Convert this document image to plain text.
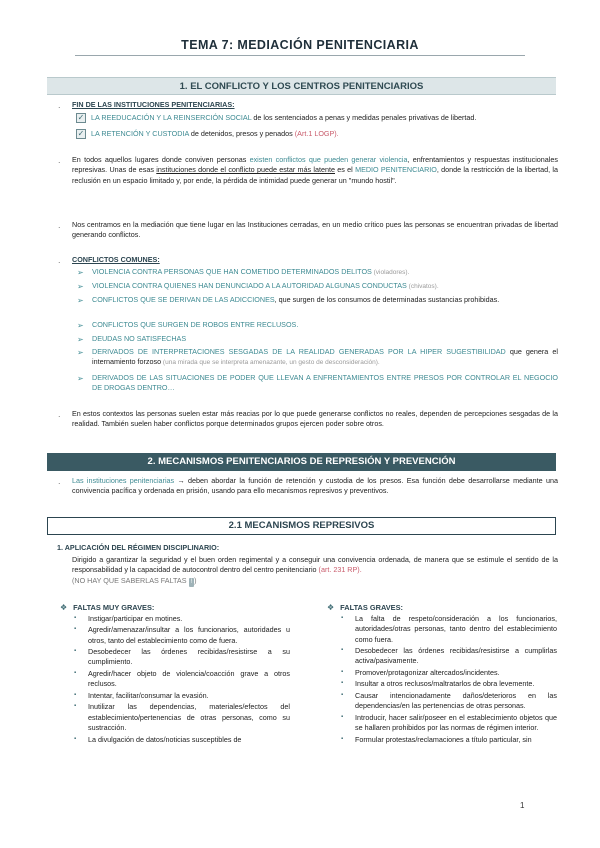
TEMA 7: MEDIACIÓN PENITENCIARIA
1. EL CONFLICTO Y LOS CENTROS PENITENCIARIOS
. FIN DE LAS INSTITUCIONES PENITENCIARIAS:
✓ LA REEDUCACIÓN Y LA REINSERCIÓN SOCIAL de los sentenciados a penas y medidas penales privativas de libertad.
✓ LA RETENCIÓN Y CUSTODIA de detenidos, presos y penados (Art.1 LOGP).
. En todos aquellos lugares donde conviven personas existen conflictos que pueden generar violencia, enfrentamientos y respuestas institucionales represivas. Unas de esas instituciones donde el conflicto puede estar más latente es el MEDIO PENITENCIARIO, donde la restricción de la libertad, la reclusión en un espacio limitado y, por ende, la pérdida de intimidad puede generar un "mundo hostil".
. Nos centramos en la mediación que tiene lugar en las Instituciones cerradas, en un medio crítico pues las personas se encuentran privadas de libertad generando conflictos.
. CONFLICTOS COMUNES:
➢ VIOLENCIA CONTRA PERSONAS QUE HAN COMETIDO DETERMINADOS DELITOS (violadores).
➢ VIOLENCIA CONTRA QUIENES HAN DENUNCIADO A LA AUTORIDAD ALGUNAS CONDUCTAS (chivatos).
➢ CONFLICTOS QUE SE DERIVAN DE LAS ADICCIONES, que surgen de los consumos de determinadas sustancias prohibidas.
➢ CONFLICTOS QUE SURGEN DE ROBOS ENTRE RECLUSOS.
➢ DEUDAS NO SATISFECHAS
➢ DERIVADOS DE INTERPRETACIONES SESGADAS DE LA REALIDAD GENERADAS POR LA HIPER SUGESTIBILIDAD que genera el internamiento forzoso (una mirada que se interpreta amenazante, un gesto de desconsideración).
➢ DERIVADOS DE LAS SITUACIONES DE PODER QUE LLEVAN A ENFRENTAMIENTOS ENTRE PRESOS POR CONTROLAR EL NEGOCIO DE DROGAS DENTRO…
. En estos contextos las personas suelen estar más reacias por lo que puede generarse conflictos no reales, dependen de percepciones sesgadas de la realidad. También suelen haber conflictos porque determinados grupos ejercen poder sobre otros.
2. MECANISMOS PENITENCIARIOS DE REPRESIÓN Y PREVENCIÓN
. Las instituciones penitenciarias → deben abordar la función de retención y custodia de los presos. Esa función debe desarrollarse mediante una convivencia pacífica y ordenada en prisión, usando para ello mecanismos represivos y preventivos.
2.1 MECANISMOS REPRESIVOS
1. APLICACIÓN DEL RÉGIMEN DISCIPLINARIO:
Dirigido a garantizar la seguridad y el buen orden regimental y a conseguir una convivencia ordenada, de manera que se estimule el sentido de la responsabilidad y la capacidad de autocontrol dentro del centro penitenciario (art. 231 RP).
(NO HAY QUE SABERLAS FALTAS ! )
❖ FALTAS MUY GRAVES:
▪ Instigar/participar en motines.
▪ Agredir/amenazar/insultar a los funcionarios, autoridades u otros, tanto del establecimiento como de fuera.
▪ Desobedecer las órdenes recibidas/resistirse a su cumplimiento.
▪ Agredir/hacer objeto de violencia/coacción grave a otros reclusos.
▪ Intentar, facilitar/consumar la evasión.
▪ Inutilizar las dependencias, materiales/efectos del establecimiento/pertenencias de otras personas, como su sustracción.
▪ La divulgación de datos/noticias susceptibles de
❖ FALTAS GRAVES:
▪ La falta de respeto/consideración a los funcionarios, autoridades/otras personas, tanto dentro del establecimiento como fuera.
▪ Desobedecer las órdenes recibidas/resistirse a cumplirlas activa/pasivamente.
▪ Promover/protagonizar altercados/incidentes.
▪ Insultar a otros reclusos/maltratarlos de obra levemente.
▪ Causar intencionadamente daños/deterioros en las dependencias/en las pertenencias de otras personas.
▪ Introducir, hacer salir/poseer en el establecimiento objetos que se hallaren prohibidos por las normas de régimen interior.
▪ Formular protestas/reclamaciones a título particular, sin
1
